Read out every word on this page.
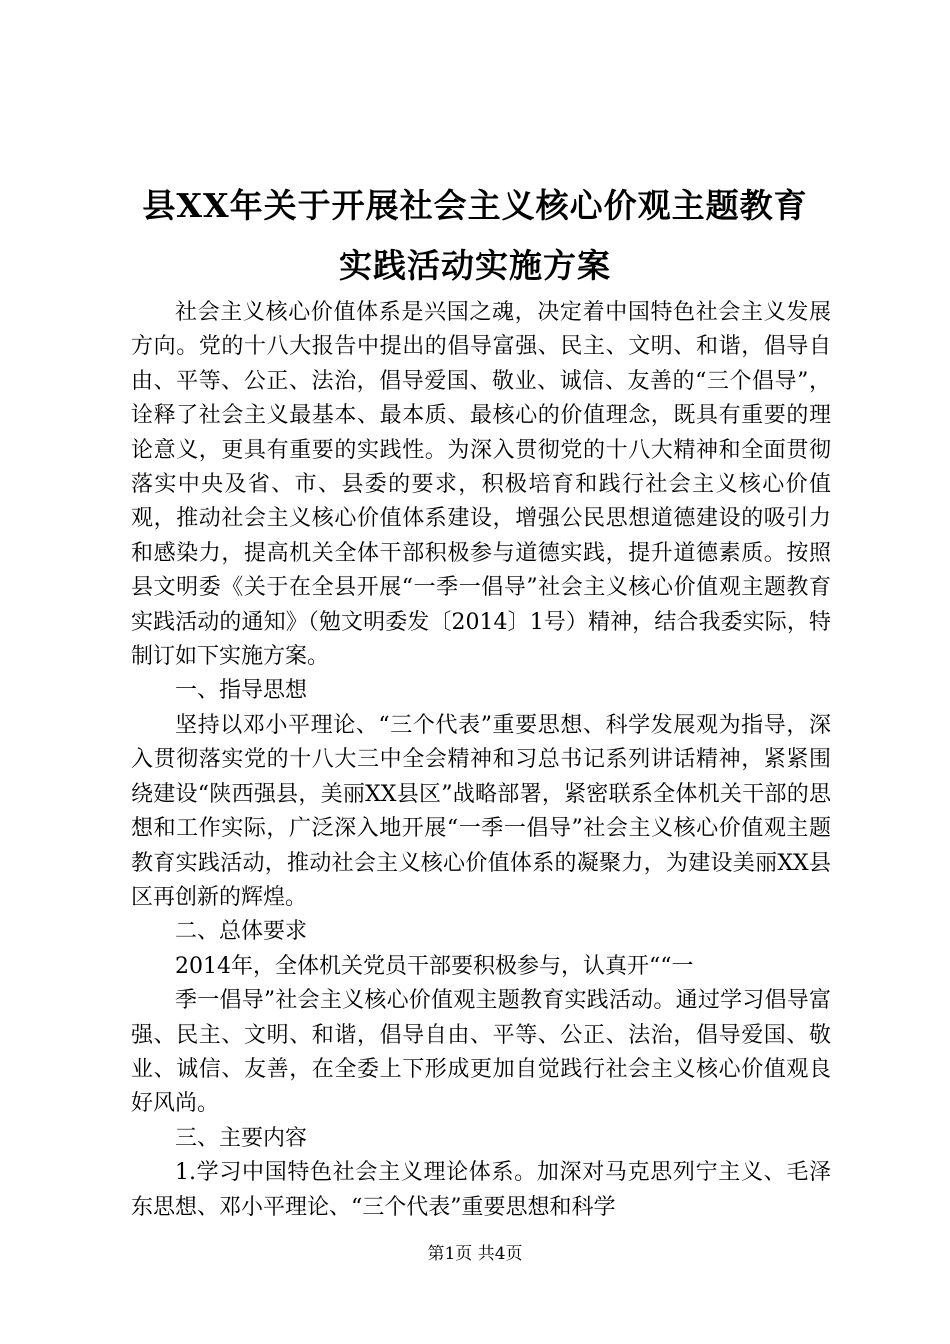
县XX年关于开展社会主义核心价观主题教育
实践活动实施方案

社会主义核心价值体系是兴国之魂，决定着中国特色社会主义发展方向。党的十八大报告中提出的倡导富强、民主、文明、和谐，倡导自由、平等、公正、法治，倡导爱国、敬业、诚信、友善的“三个倡导”，诠释了社会主义最基本、最本质、最核心的价值理念，既具有重要的理论意义，更具有重要的实践性。为深入贯彻党的十八大精神和全面贯彻落实中央及省、市、县委的要求，积极培育和践行社会主义核心价值观，推动社会主义核心价值体系建设，增强公民思想道德建设的吸引力和感染力，提高机关全体干部积极参与道德实践，提升道德素质。按照县文明委《关于在全县开展“一季一倡导”社会主义核心价值观主题教育实践活动的通知》（勉文明委发〔2014〕1号）精神，结合我委实际，特制订如下实施方案。

一、指导思想

坚持以邓小平理论、“三个代表”重要思想、科学发展观为指导，深入贯彻落实党的十八大三中全会精神和习总书记系列讲话精神，紧紧围绕建设“陕西强县，美丽XX县区”战略部署，紧密联系全体机关干部的思想和工作实际，广泛深入地开展“一季一倡导”社会主义核心价值观主题教育实践活动，推动社会主义核心价值体系的凝聚力，为建设美丽XX县区再创新的辉煌。

二、总体要求

2014年，全体机关党员干部要积极参与，认真开““一

季一倡导”社会主义核心价值观主题教育实践活动。通过学习倡导富强、民主、文明、和谐，倡导自由、平等、公正、法治，倡导爱国、敬业、诚信、友善，在全委上下形成更加自觉践行社会主义核心价值观良好风尚。

三、主要内容

1.学习中国特色社会主义理论体系。加深对马克思列宁主义、毛泽东思想、邓小平理论、“三个代表”重要思想和科学

第1页 共4页
